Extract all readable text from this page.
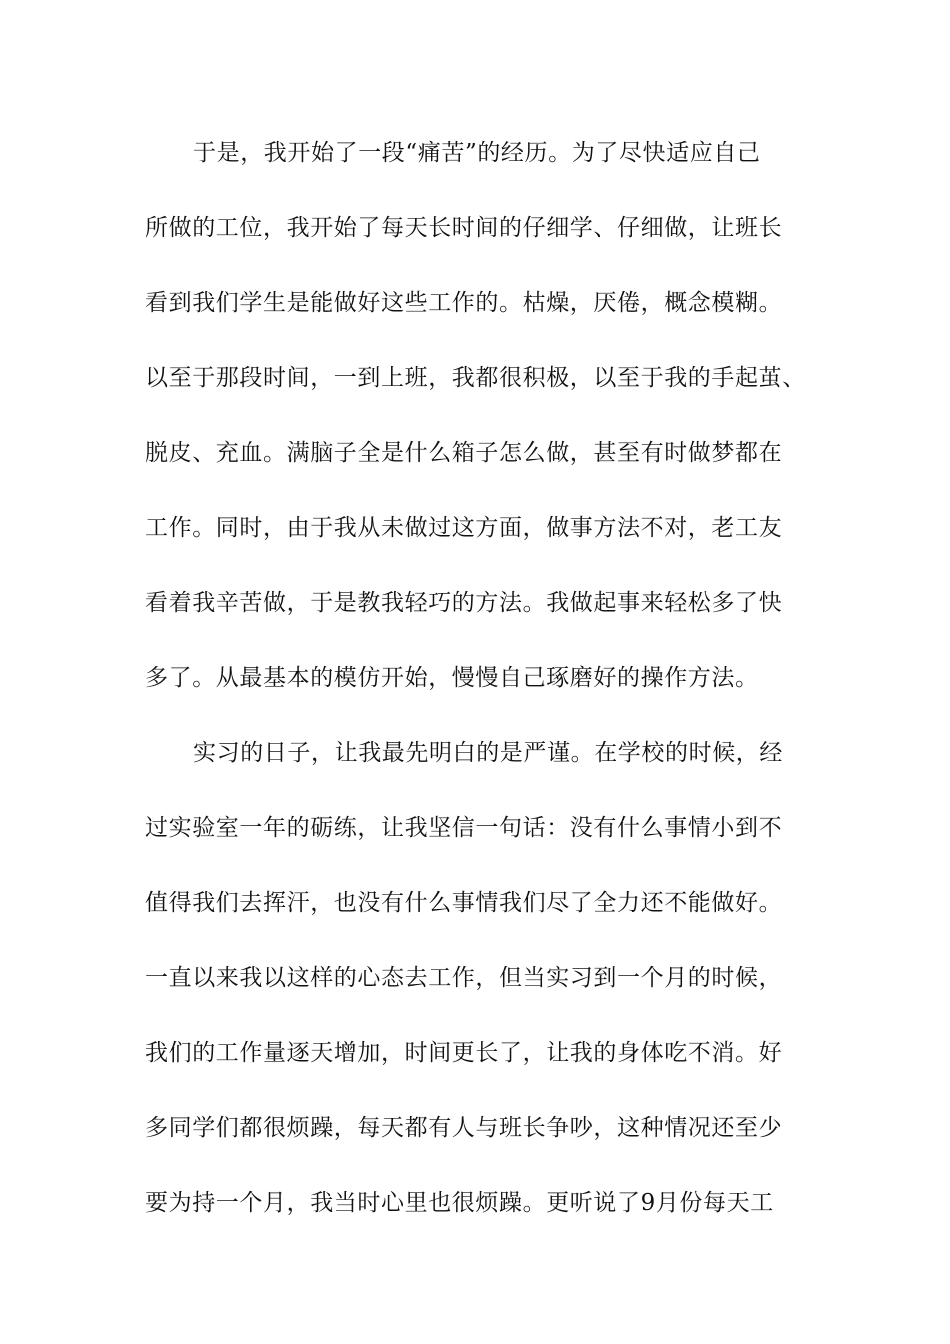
于是，我开始了一段“痛苦”的经历。为了尽快适应自己
所做的工位，我开始了每天长时间的仔细学、仔细做，让班长
看到我们学生是能做好这些工作的。枯燥，厌倦，概念模糊。
以至于那段时间，一到上班，我都很积极，以至于我的手起茧、
脱皮、充血。满脑子全是什么箱子怎么做，甚至有时做梦都在
工作。同时，由于我从未做过这方面，做事方法不对，老工友
看着我辛苦做，于是教我轻巧的方法。我做起事来轻松多了快
多了。从最基本的模仿开始，慢慢自己琢磨好的操作方法。
实习的日子，让我最先明白的是严谨。在学校的时候，经
过实验室一年的砺练，让我坚信一句话：没有什么事情小到不
值得我们去挥汗，也没有什么事情我们尽了全力还不能做好。
一直以来我以这样的心态去工作，但当实习到一个月的时候，
我们的工作量逐天增加，时间更长了，让我的身体吃不消。好
多同学们都很烦躁，每天都有人与班长争吵，这种情况还至少
要为持一个月，我当时心里也很烦躁。更听说了9月份每天工
